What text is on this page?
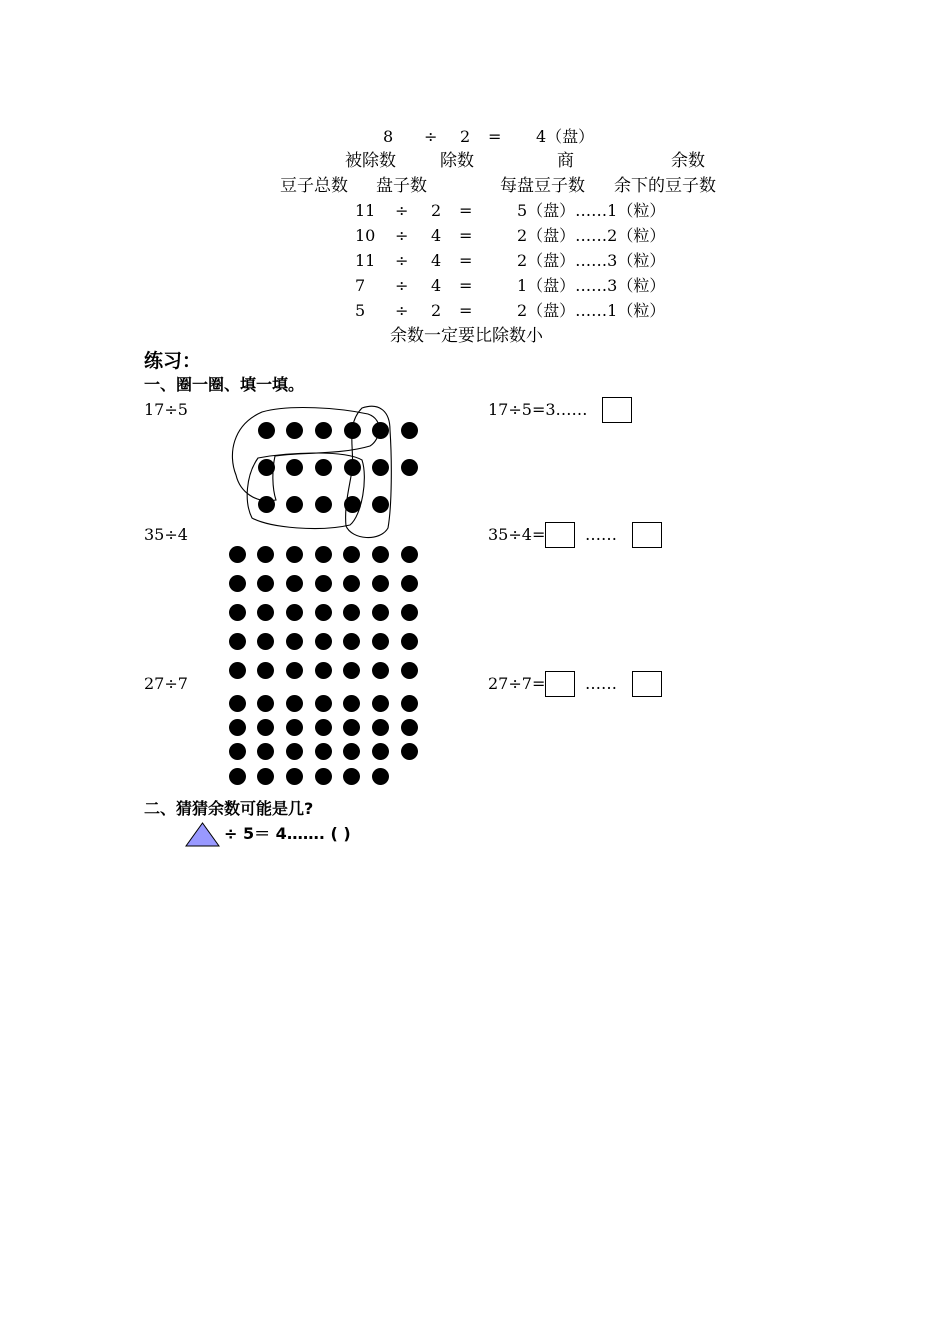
8 ÷ 2 = 4（盘）
被除数	除数	商	余数
豆子总数 盘子数	每盘豆子数 余下的豆子数
11 ÷ 2 =	5（盘）……1（粒）
10 ÷ 4 =	2（盘）……2（粒）
11 ÷ 4 =	2（盘）……3（粒）
7 ÷ 4 =	1（盘）……3（粒）
5 ÷ 2 =	2（盘）……1（粒）
余数一定要比除数小
练习：
一、圈一圈、填一填。
17÷5	17÷5=3……
35÷4	35÷4= ……
27÷7	27÷7= ……
二、猜猜余数可能是几?
÷ 5＝ 4……. ( )
